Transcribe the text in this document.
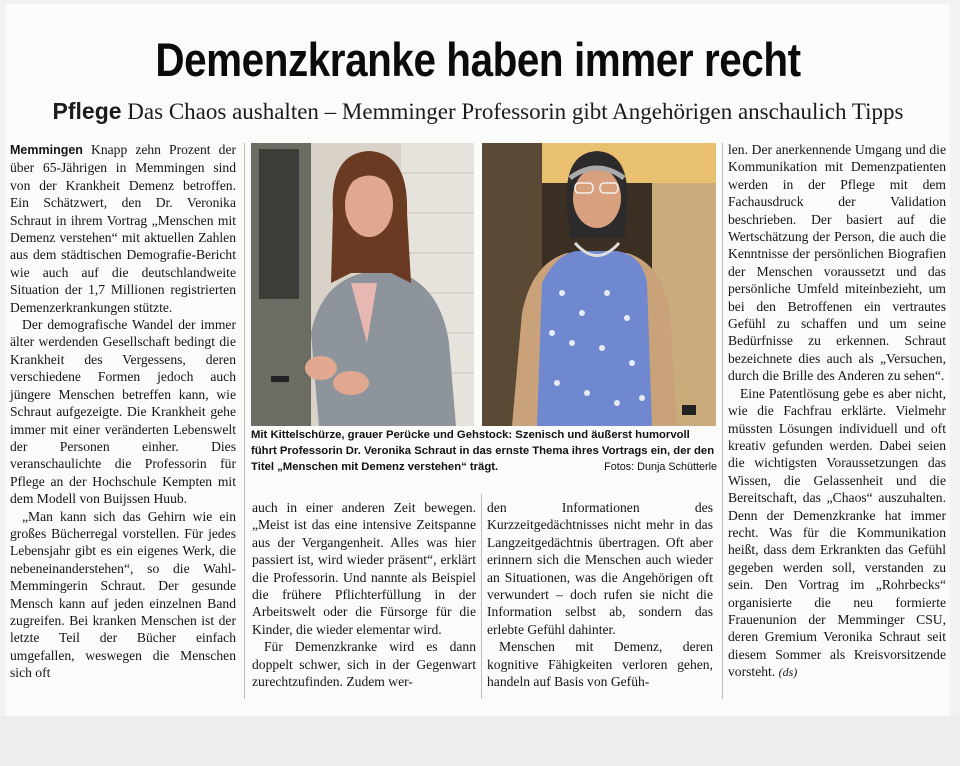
Demenzkranke haben immer recht
Pflege Das Chaos aushalten – Memminger Professorin gibt Angehörigen anschaulich Tipps

Memmingen Knapp zehn Prozent der über 65-Jährigen in Memmingen sind von der Krankheit Demenz betroffen. Ein Schätzwert, den Dr. Veronika Schraut in ihrem Vortrag „Menschen mit Demenz verstehen“ mit aktuellen Zahlen aus dem städtischen Demografie-Bericht wie auch auf die deutschlandweite Situation der 1,7 Millionen registrierten Demenzerkrankungen stützte.

Der demografische Wandel der immer älter werdenden Gesellschaft bedingt die Krankheit des Vergessens, deren verschiedene Formen jedoch auch jüngere Menschen betreffen kann, wie Schraut aufgezeigte. Die Krankheit gehe immer mit einer veränderten Lebenswelt der Personen einher. Dies veranschaulichte die Professorin für Pflege an der Hochschule Kempten mit dem Modell von Buijssen Huub.

„Man kann sich das Gehirn wie ein großes Bücherregal vorstellen. Für jedes Lebensjahr gibt es ein eigenes Werk, die nebeneinanderstehen“, so die Wahl-Memmingerin Schraut. Der gesunde Mensch kann auf jeden einzelnen Band zugreifen. Bei kranken Menschen ist der letzte Teil der Bücher einfach umgefallen, weswegen die Menschen sich oft

Mit Kittelschürze, grauer Perücke und Gehstock: Szenisch und äußerst humorvoll führt Professorin Dr. Veronika Schraut in das ernste Thema ihres Vortrags ein, der den Titel „Menschen mit Demenz verstehen“ trägt.	Fotos: Dunja Schütterle

auch in einer anderen Zeit bewegen. „Meist ist das eine intensive Zeitspanne aus der Vergangenheit. Alles was hier passiert ist, wird wieder präsent“, erklärt die Professorin. Und nannte als Beispiel die frühere Pflichterfüllung in der Arbeitswelt oder die Fürsorge für die Kinder, die wieder elementar wird.

Für Demenzkranke wird es dann doppelt schwer, sich in der Gegenwart zurechtzufinden. Zudem wer-

den Informationen des Kurzzeitgedächtnisses nicht mehr in das Langzeitgedächtnis übertragen. Oft aber erinnern sich die Menschen auch wieder an Situationen, was die Angehörigen oft verwundert – doch rufen sie nicht die Information selbst ab, sondern das erlebte Gefühl dahinter.

Menschen mit Demenz, deren kognitive Fähigkeiten verloren gehen, handeln auf Basis von Gefüh-

len. Der anerkennende Umgang und die Kommunikation mit Demenzpatienten werden in der Pflege mit dem Fachausdruck der Validation beschrieben. Der basiert auf die Wertschätzung der Person, die auch die Kenntnisse der persönlichen Biografien der Menschen voraussetzt und das persönliche Umfeld miteinbezieht, um bei den Betroffenen ein vertrautes Gefühl zu schaffen und um seine Bedürfnisse zu erkennen. Schraut bezeichnete dies auch als „Versuchen, durch die Brille des Anderen zu sehen“.

Eine Patentlösung gebe es aber nicht, wie die Fachfrau erklärte. Vielmehr müssten Lösungen individuell und oft kreativ gefunden werden. Dabei seien die wichtigsten Voraussetzungen das Wissen, die Gelassenheit und die Bereitschaft, das „Chaos“ auszuhalten. Denn der Demenzkranke hat immer recht. Was für die Kommunikation heißt, dass dem Erkrankten das Gefühl gegeben werden soll, verstanden zu sein. Den Vortrag im „Rohrbecks“ organisierte die neu formierte Frauenunion der Memminger CSU, deren Gremium Veronika Schraut seit diesem Sommer als Kreisvorsitzende vorsteht. (ds)
